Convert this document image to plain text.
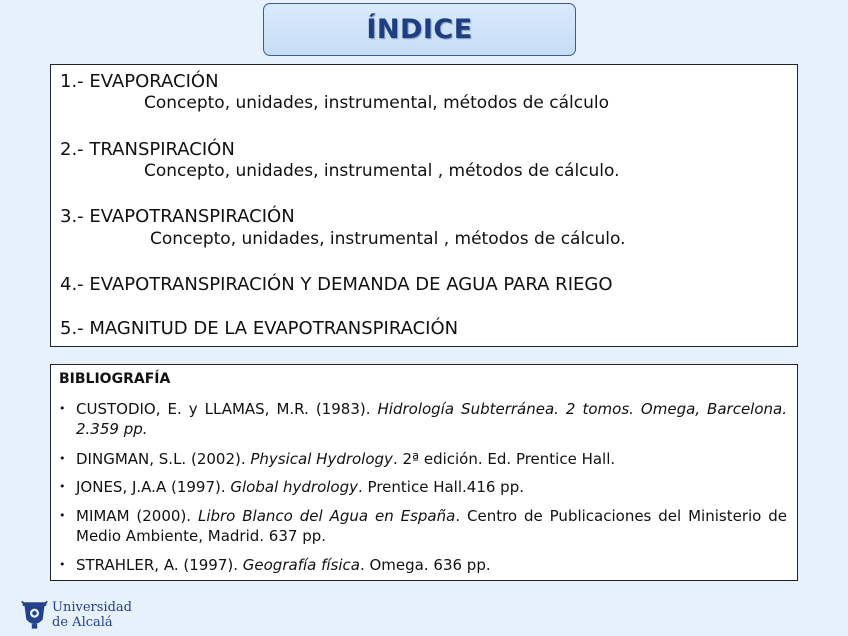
ÍNDICE
1.- EVAPORACIÓN
Concepto, unidades, instrumental, métodos de cálculo
2.- TRANSPIRACIÓN
Concepto, unidades, instrumental , métodos de cálculo.
3.- EVAPOTRANSPIRACIÓN
Concepto, unidades, instrumental , métodos de cálculo.
4.- EVAPOTRANSPIRACIÓN Y DEMANDA DE AGUA PARA RIEGO
5.- MAGNITUD DE LA EVAPOTRANSPIRACIÓN
BIBLIOGRAFÍA
• CUSTODIO, E. y LLAMAS, M.R. (1983). Hidrología Subterránea. 2 tomos. Omega, Barcelona. 2.359 pp.
• DINGMAN, S.L. (2002). Physical Hydrology. 2ª edición. Ed. Prentice Hall.
• JONES, J.A.A (1997). Global hydrology. Prentice Hall.416 pp.
• MIMAM (2000). Libro Blanco del Agua en España. Centro de Publicaciones del Ministerio de Medio Ambiente, Madrid. 637 pp.
• STRAHLER, A. (1997). Geografía física. Omega. 636 pp.
Universidad
de Alcalá
